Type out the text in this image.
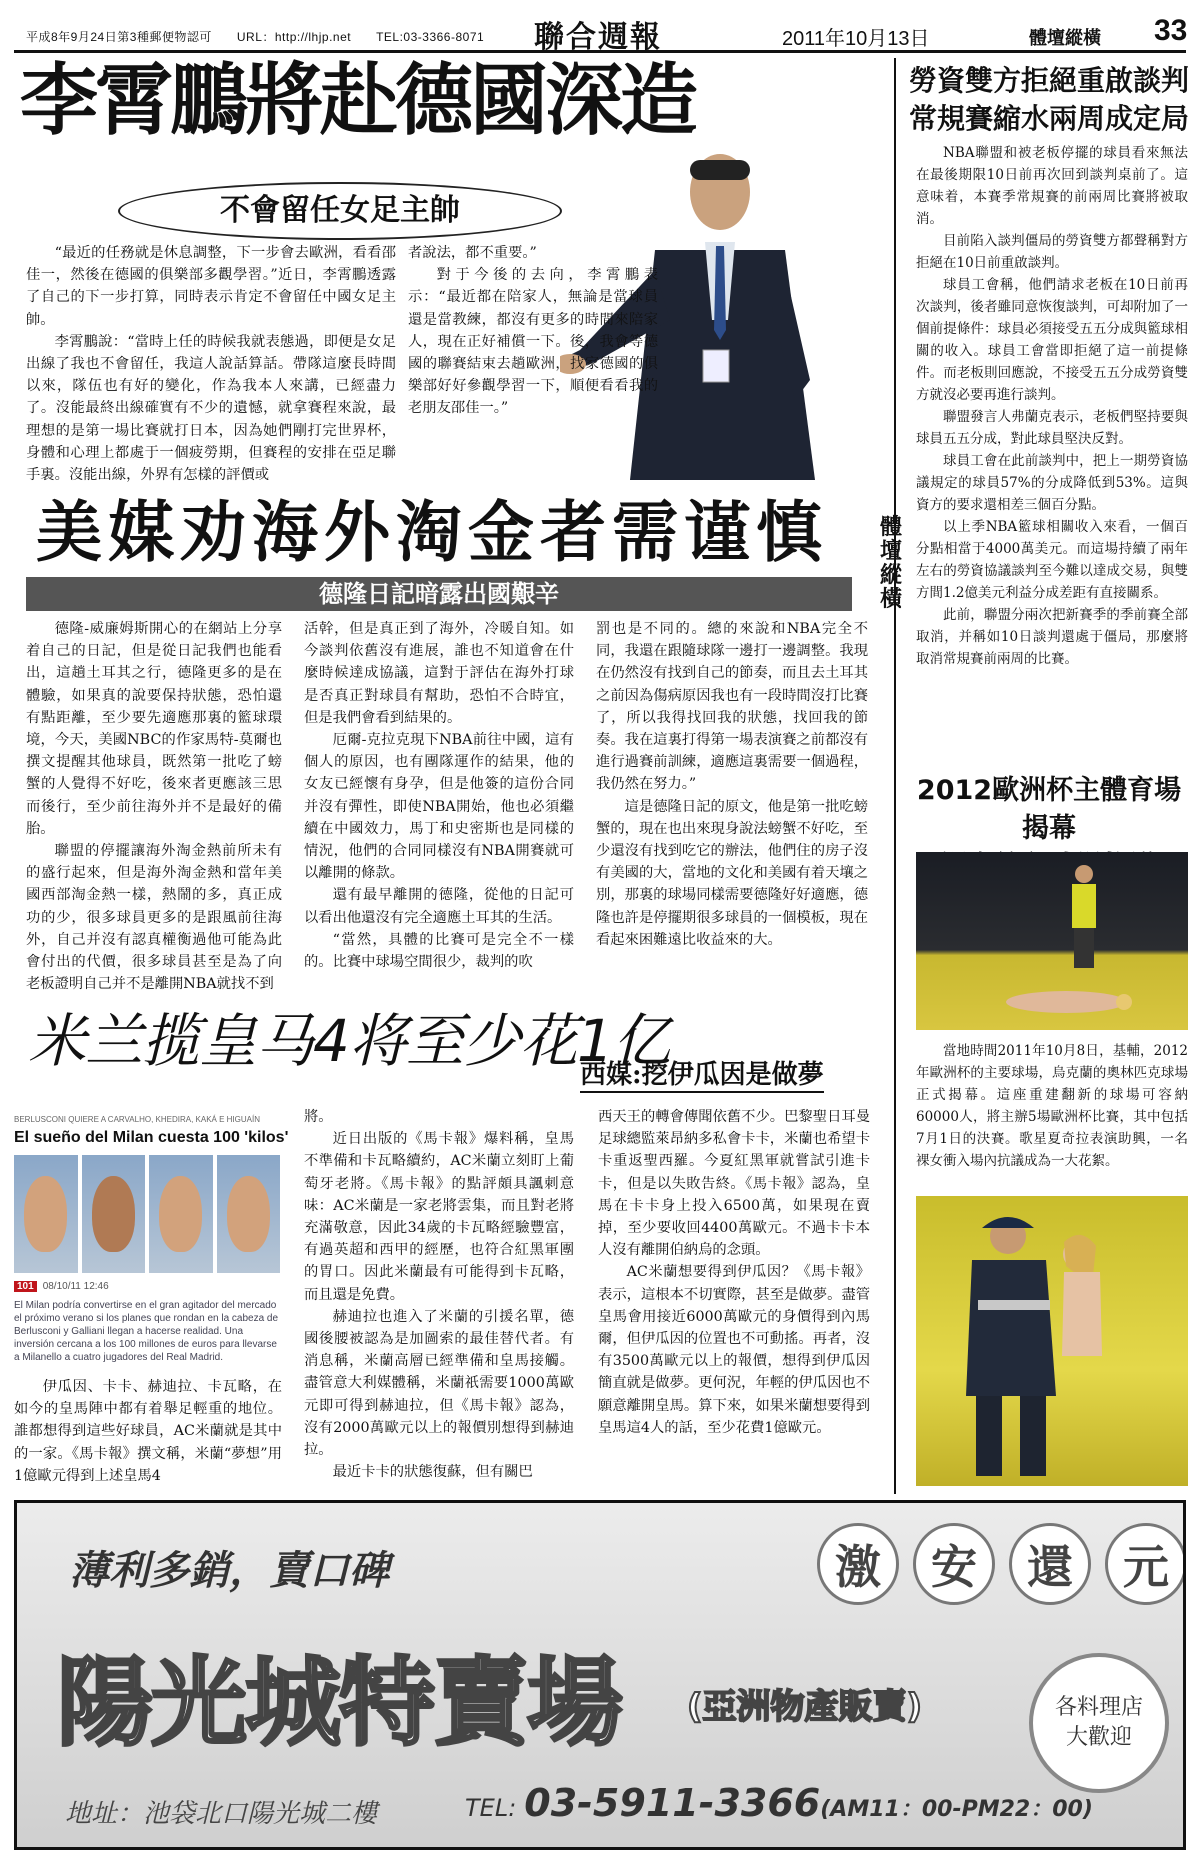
平成8年9月24日第3種郵便物認可　　URL：http://lhjp.net　　TEL:03-3366-8071 聯合週報	2011年10月13日	體壇縱橫 33
李霄鵬將赴德國深造
不會留任女足主帥

“最近的任務就是休息調整，下一步會去歐洲，看看邵佳一，然後在德國的俱樂部多觀學習。”近日，李霄鵬透露了自己的下一步打算，同時表示肯定不會留任中國女足主帥。

李霄鵬說：“當時上任的時候我就表態過，即便是女足出線了我也不會留任，我這人說話算話。帶隊這麼長時間以來，隊伍也有好的變化，作為我本人來講，已經盡力了。沒能最終出線確實有不少的遺憾，就拿賽程來說，最理想的是第一場比賽就打日本，因為她們剛打完世界杯，身體和心理上都處于一個疲勞期，但賽程的安排在亞足聯手裏。沒能出線，外界有怎樣的評價或

者說法，都不重要。”

對于今後的去向，李霄鵬表示：“最近都在陪家人，無論是當球員還是當教練，都沒有更多的時間來陪家人，現在正好補償一下。後，我會等德國的聯賽結束去趟歐洲，找家德國的俱樂部好好參觀學習一下，順便看看我的老朋友邵佳一。”

美媒劝海外淘金者需谨慎
德隆日記暗露出國艱辛

德隆-威廉姆斯開心的在網站上分享着自己的日記，但是從日記我們也能看出，這趟土耳其之行，德隆更多的是在體驗，如果真的說要保持狀態，恐怕還有點距離，至少要先適應那裏的籃球環境，今天，美國NBC的作家馬特-莫爾也撰文提醒其他球員，既然第一批吃了螃蟹的人覺得不好吃，後來者更應該三思而後行，至少前往海外并不是最好的備胎。

聯盟的停擺讓海外淘金熱前所未有的盛行起來，但是海外淘金熱和當年美國西部淘金熱一樣，熱鬧的多，真正成功的少，很多球員更多的是跟風前往海外，自己并沒有認真權衡過他可能為此會付出的代價，很多球員甚至是為了向老板證明自己并不是離開NBA就找不到

活幹，但是真正到了海外，冷暖自知。如今談判依舊沒有進展，誰也不知道會在什麼時候達成協議，這對于評估在海外打球是否真正對球員有幫助，恐怕不合時宜，但是我們會看到結果的。

厄爾-克拉克現下NBA前往中國，這有個人的原因，也有團隊運作的結果，他的女友已經懷有身孕，但是他簽的這份合同并沒有彈性，即使NBA開始，他也必須繼續在中國效力，馬丁和史密斯也是同樣的情況，他們的合同同樣沒有NBA開賽就可以離開的條款。

還有最早離開的德隆，從他的日記可以看出他還沒有完全適應土耳其的生活。

“當然，具體的比賽可是完全不一樣的。比賽中球場空間很少，裁判的吹

罰也是不同的。總的來說和NBA完全不同，我還在跟隨球隊一邊打一邊調整。我現在仍然沒有找到自己的節奏，而且去土耳其之前因為傷病原因我也有一段時間沒打比賽了，所以我得找回我的狀態，找回我的節奏。我在這裏打得第一場表演賽之前都沒有進行過賽前訓練，適應這裏需要一個過程，我仍然在努力。”

這是德隆日記的原文，他是第一批吃螃蟹的，現在也出來現身說法螃蟹不好吃，至少還沒有找到吃它的辦法，他們住的房子沒有美國的大，當地的文化和美國有着天壤之別，那裏的球場同樣需要德隆好好適應，德隆也許是停擺期很多球員的一個模板，現在看起來困難遠比收益來的大。

米兰揽皇马4将至少花1亿
西媒:挖伊瓜因是做夢
BERLUSCONI QUIERE A CARVALHO, KHEDIRA, KAKÁ E HIGUAÍN
El sueño del Milan cuesta 100 'kilos'
101 08/10/11 12:46
El Milan podría convertirse en el gran agitador del mercado el próximo verano si los planes que rondan en la cabeza de Berlusconi y Galliani llegan a hacerse realidad. Una inversión cercana a los 100 millones de euros para llevarse a Milanello a cuatro jugadores del Real Madrid.

伊瓜因、卡卡、赫迪拉、卡瓦略，在如今的皇馬陣中都有着舉足輕重的地位。誰都想得到這些好球員，AC米蘭就是其中的一家。《馬卡報》撰文稱，米蘭“夢想”用1億歐元得到上述皇馬4

將。

近日出版的《馬卡報》爆料稱，皇馬不準備和卡瓦略續約，AC米蘭立刻盯上葡萄牙老將。《馬卡報》的點評頗具諷刺意味：AC米蘭是一家老將雲集，而且對老將充滿敬意，因此34歲的卡瓦略經驗豐富，有過英超和西甲的經歷，也符合紅黑軍團的胃口。因此米蘭最有可能得到卡瓦略，而且還是免費。

赫迪拉也進入了米蘭的引援名單，德國後腰被認為是加圖索的最佳替代者。有消息稱，米蘭高層已經準備和皇馬接觸。盡管意大利媒體稱，米蘭祇需要1000萬歐元即可得到赫迪拉，但《馬卡報》認為，沒有2000萬歐元以上的報價別想得到赫迪拉。

最近卡卡的狀態復蘇，但有關巴

西天王的轉會傳聞依舊不少。巴黎聖日耳曼足球總監萊昂納多私會卡卡，米蘭也希望卡卡重返聖西羅。今夏紅黑軍就嘗試引進卡卡，但是以失敗告終。《馬卡報》認為，皇馬在卡卡身上投入6500萬，如果現在賣掉，至少要收回4400萬歐元。不過卡卡本人沒有離開伯納烏的念頭。

AC米蘭想要得到伊瓜因？《馬卡報》表示，這根本不切實際，甚至是做夢。盡管皇馬會用接近6000萬歐元的身價得到內馬爾，但伊瓜因的位置也不可動搖。再者，沒有3500萬歐元以上的報價，想得到伊瓜因簡直就是做夢。更何況，年輕的伊瓜因也不願意離開皇馬。算下來，如果米蘭想要得到皇馬這4人的話，至少花費1億歐元。

體壇縱橫
勞資雙方拒絕重啟談判
常規賽縮水兩周成定局

NBA聯盟和被老板停擺的球員看來無法在最後期限10日前再次回到談判桌前了。這意味着，本賽季常規賽的前兩周比賽將被取消。

目前陷入談判僵局的勞資雙方都聲稱對方拒絕在10日前重啟談判。

球員工會稱，他們請求老板在10日前再次談判，後者雖同意恢復談判，可却附加了一個前提條件：球員必須接受五五分成與籃球相關的收入。球員工會當即拒絕了這一前提條件。而老板則回應說，不接受五五分成勞資雙方就沒必要再進行談判。

聯盟發言人弗蘭克表示，老板們堅持要與球員五五分成，對此球員堅決反對。

球員工會在此前談判中，把上一期勞資協議規定的球員57%的分成降低到53%。這與資方的要求還相差三個百分點。

以上季NBA籃球相關收入來看，一個百分點相當于4000萬美元。而這場持續了兩年左右的勞資協議談判至今難以達成交易，與雙方間1.2億美元利益分成差距有直接關系。

此前，聯盟分兩次把新賽季的季前賽全部取消，并稱如10日談判還處于僵局，那麼將取消常規賽前兩周的比賽。

2012歐洲杯主體育場揭幕

當地時間2011年10月8日，基輔，2012年歐洲杯的主要球場，烏克蘭的奧林匹克球場正式揭幕。這座重建翻新的球場可容納60000人，將主辦5場歐洲杯比賽，其中包括7月1日的決賽。歌星夏奇拉表演助興，一名裸女衝入場內抗議成為一大花絮。

薄利多銷，賣口碑	激	安	還	元
陽光城特賣場 (亞洲物產販賣)	各料理店
大歡迎
地址：池袋北口陽光城二樓	TEL: 03-5911-3366(AM11：00-PM22：00)
